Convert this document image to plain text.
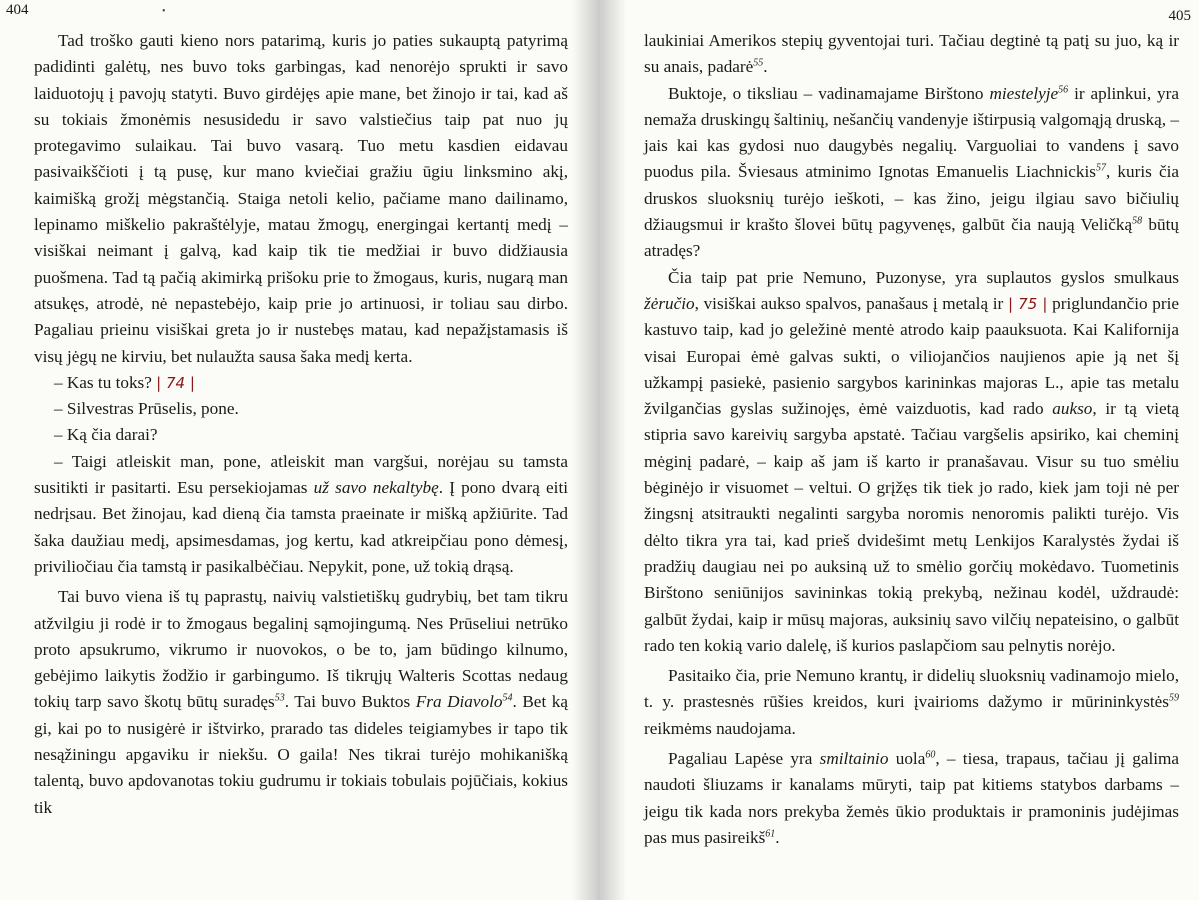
404	•

Tad troško gauti kieno nors patarimą, kuris jo paties sukauptą patyrimą padidinti galėtų, nes buvo toks garbingas, kad nenorėjo sprukti ir savo laiduotojų į pavojų statyti. Buvo girdėjęs apie mane, bet žinojo ir tai, kad aš su tokiais žmonėmis nesusidedu ir savo valstiečius taip pat nuo jų protegavimo sulaikau. Tai buvo vasarą. Tuo metu kasdien eidavau pasivaikščioti į tą pusę, kur mano kviečiai gražiu ūgiu linksmino akį, kaimišką grožį mėgstančią. Staiga netoli kelio, pačiame mano dailinamo, lepinamo miškelio pakraštėlyje, matau žmogų, energingai kertantį medį – visiškai neimant į galvą, kad kaip tik tie medžiai ir buvo didžiausia puošmena. Tad tą pačią akimirką prišoku prie to žmogaus, kuris, nugarą man atsukęs, atrodė, nė nepastebėjo, kaip prie jo artinuosi, ir toliau sau dirbo. Pagaliau prieinu visiškai greta jo ir nustebęs matau, kad nepažįstamasis iš visų jėgų ne kirviu, bet nulaužta sausa šaka medį kerta.

– Kas tu toks? | 74 |

– Silvestras Prūselis, pone.

– Ką čia darai?

– Taigi atleiskit man, pone, atleiskit man vargšui, norėjau su tamsta susitikti ir pasitarti. Esu persekiojamas už savo nekaltybę. Į pono dvarą eiti nedrįsau. Bet žinojau, kad dieną čia tamsta praeinate ir mišką apžiūrite. Tad šaka daužiau medį, apsimesdamas, jog kertu, kad atkreipčiau pono dėmesį, priviliočiau čia tamstą ir pasikalbėčiau. Nepykit, pone, už tokią drąsą.

Tai buvo viena iš tų paprastų, naivių valstietiškų gudrybių, bet tam tikru atžvilgiu ji rodė ir to žmogaus begalinį sąmojingumą. Nes Prūseliui netrūko proto apsukrumo, vikrumo ir nuovokos, o be to, jam būdingo kilnumo, gebėjimo laikytis žodžio ir garbingumo. Iš tikrųjų Walteris Scottas nedaug tokių tarp savo škotų būtų suradęs$^{53}$. Tai buvo Buktos Fra Diavolo$^{54}$. Bet ką gi, kai po to nusigėrė ir ištvirko, prarado tas dideles teigiamybes ir tapo tik nesąžiningu apgaviku ir niekšu. O gaila! Nes tikrai turėjo mohikanišką talentą, buvo apdovanotas tokiu gudrumu ir tokiais tobulais pojūčiais, kokius tik

405

laukiniai Amerikos stepių gyventojai turi. Tačiau degtinė tą patį su juo, ką ir su anais, padarė$^{55}$.

Buktoje, o tiksliau – vadinamajame Birštono miestelyje$^{56}$ ir aplinkui, yra nemaža druskingų šaltinių, nešančių vandenyje ištirpusią valgomąją druską, – jais kai kas gydosi nuo daugybės negalių. Varguoliai to vandens į savo puodus pila. Šviesaus atminimo Ignotas Emanuelis Liachnickis$^{57}$, kuris čia druskos sluoksnių turėjo ieškoti, – kas žino, jeigu ilgiau savo bičiulių džiaugsmui ir krašto šlovei būtų pagyvenęs, galbūt čia naują Veličką$^{58}$ būtų atradęs?

Čia taip pat prie Nemuno, Puzonyse, yra suplautos gyslos smulkaus žėručio, visiškai aukso spalvos, panašaus į metalą ir | 75 | priglundančio prie kastuvo taip, kad jo geležinė mentė atrodo kaip paauksuota. Kai Kalifornija visai Europai ėmė galvas sukti, o viliojančios naujienos apie ją net šį užkampį pasiekė, pasienio sargybos karininkas majoras L., apie tas metalu žvilgančias gyslas sužinojęs, ėmė vaizduotis, kad rado aukso, ir tą vietą stipria savo kareivių sargyba apstatė. Tačiau vargšelis apsiriko, kai cheminį mėginį padarė, – kaip aš jam iš karto ir pranašavau. Visur su tuo smėliu bėginėjo ir visuomet – veltui. O grįžęs tik tiek jo rado, kiek jam toji nė per žingsnį atsitraukti negalinti sargyba noromis nenoromis palikti turėjo. Vis dėlto tikra yra tai, kad prieš dvidešimt metų Lenkijos Karalystės žydai iš pradžių daugiau nei po auksiną už to smėlio gorčių mokėdavo. Tuometinis Birštono seniūnijos savininkas tokią prekybą, nežinau kodėl, uždraudė: galbūt žydai, kaip ir mūsų majoras, auksinių savo vilčių nepateisino, o galbūt rado ten kokią vario dalelę, iš kurios paslapčiom sau pelnytis norėjo.

Pasitaiko čia, prie Nemuno krantų, ir didelių sluoksnių vadinamojo mielo, t. y. prastesnės rūšies kreidos, kuri įvairioms dažymo ir mūrininkystės$^{59}$ reikmėms naudojama.

Pagaliau Lapėse yra smiltainio uola$^{60}$, – tiesa, trapaus, tačiau jį galima naudoti šliuzams ir kanalams mūryti, taip pat kitiems statybos darbams – jeigu tik kada nors prekyba žemės ūkio produktais ir pramoninis judėjimas pas mus pasireikš$^{61}$.
